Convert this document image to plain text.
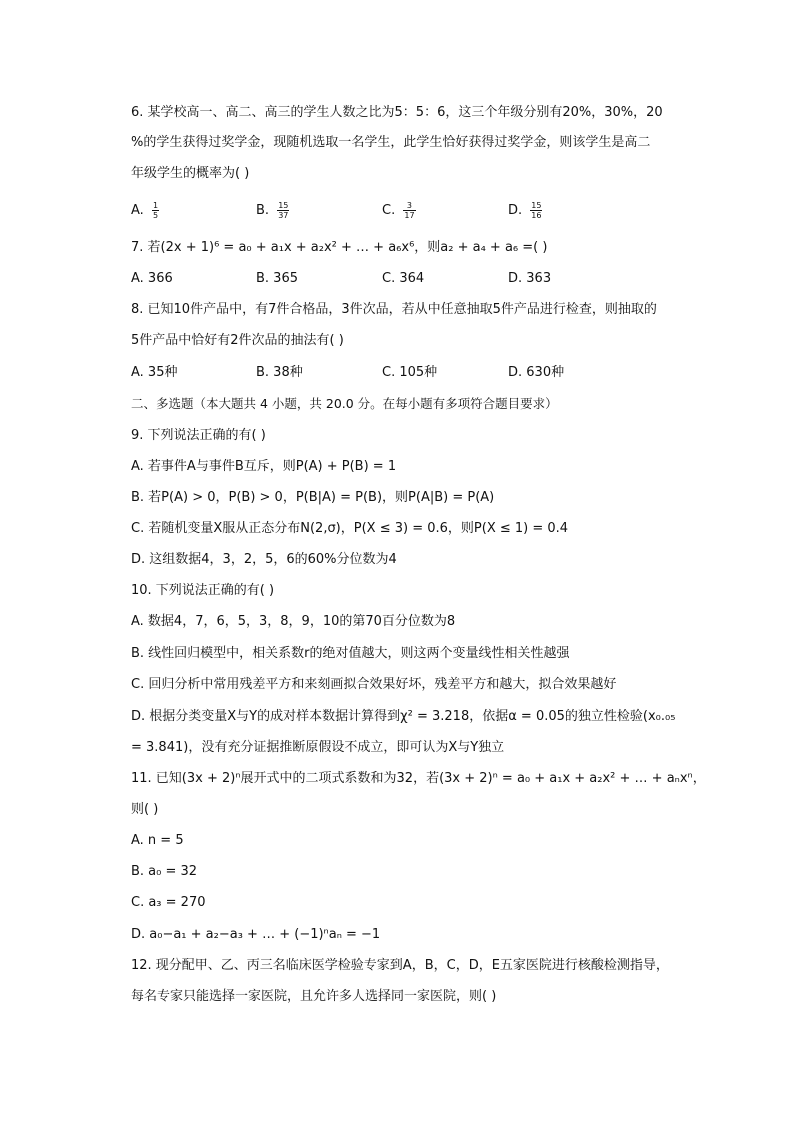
6. 某学校高一、高二、高三的学生人数之比为5：5：6，这三个年级分别有20%，30%，20
%的学生获得过奖学金，现随机选取一名学生，此学生恰好获得过奖学金，则该学生是高二
年级学生的概率为( )
A. $\frac{1}{5}$	B. $\frac{15}{37}$	C. $\frac{3}{17}$	D. $\frac{15}{16}$
7. 若(2x + 1)⁶ = a₀ + a₁x + a₂x² + … + a₆x⁶，则a₂ + a₄ + a₆ =( )
A. 366	B. 365	C. 364	D. 363
8. 已知10件产品中，有7件合格品，3件次品，若从中任意抽取5件产品进行检查，则抽取的
5件产品中恰好有2件次品的抽法有( )
A. 35种	B. 38种	C. 105种	D. 630种
二、多选题（本大题共 4 小题，共 20.0 分。在每小题有多项符合题目要求）
9. 下列说法正确的有( )
A. 若事件A与事件B互斥，则P(A) + P(B) = 1
B. 若P(A) > 0，P(B) > 0，P(B|A) = P(B)，则P(A|B) = P(A)
C. 若随机变量X服从正态分布N(2,σ)，P(X ≤ 3) = 0.6，则P(X ≤ 1) = 0.4
D. 这组数据4，3，2，5，6的60%分位数为4
10. 下列说法正确的有( )
A. 数据4，7，6，5，3，8，9，10的第70百分位数为8
B. 线性回归模型中，相关系数r的绝对值越大，则这两个变量线性相关性越强
C. 回归分析中常用残差平方和来刻画拟合效果好坏，残差平方和越大，拟合效果越好
D. 根据分类变量X与Y的成对样本数据计算得到χ² = 3.218，依据α = 0.05的独立性检验(x₀.₀₅
= 3.841)，没有充分证据推断原假设不成立，即可认为X与Y独立
11. 已知(3x + 2)ⁿ展开式中的二项式系数和为32，若(3x + 2)ⁿ = a₀ + a₁x + a₂x² + … + aₙxⁿ，
则( )
A. n = 5
B. a₀ = 32
C. a₃ = 270
D. a₀−a₁ + a₂−a₃ + … + (−1)ⁿaₙ = −1
12. 现分配甲、乙、丙三名临床医学检验专家到A，B，C，D，E五家医院进行核酸检测指导，
每名专家只能选择一家医院，且允许多人选择同一家医院，则( )
